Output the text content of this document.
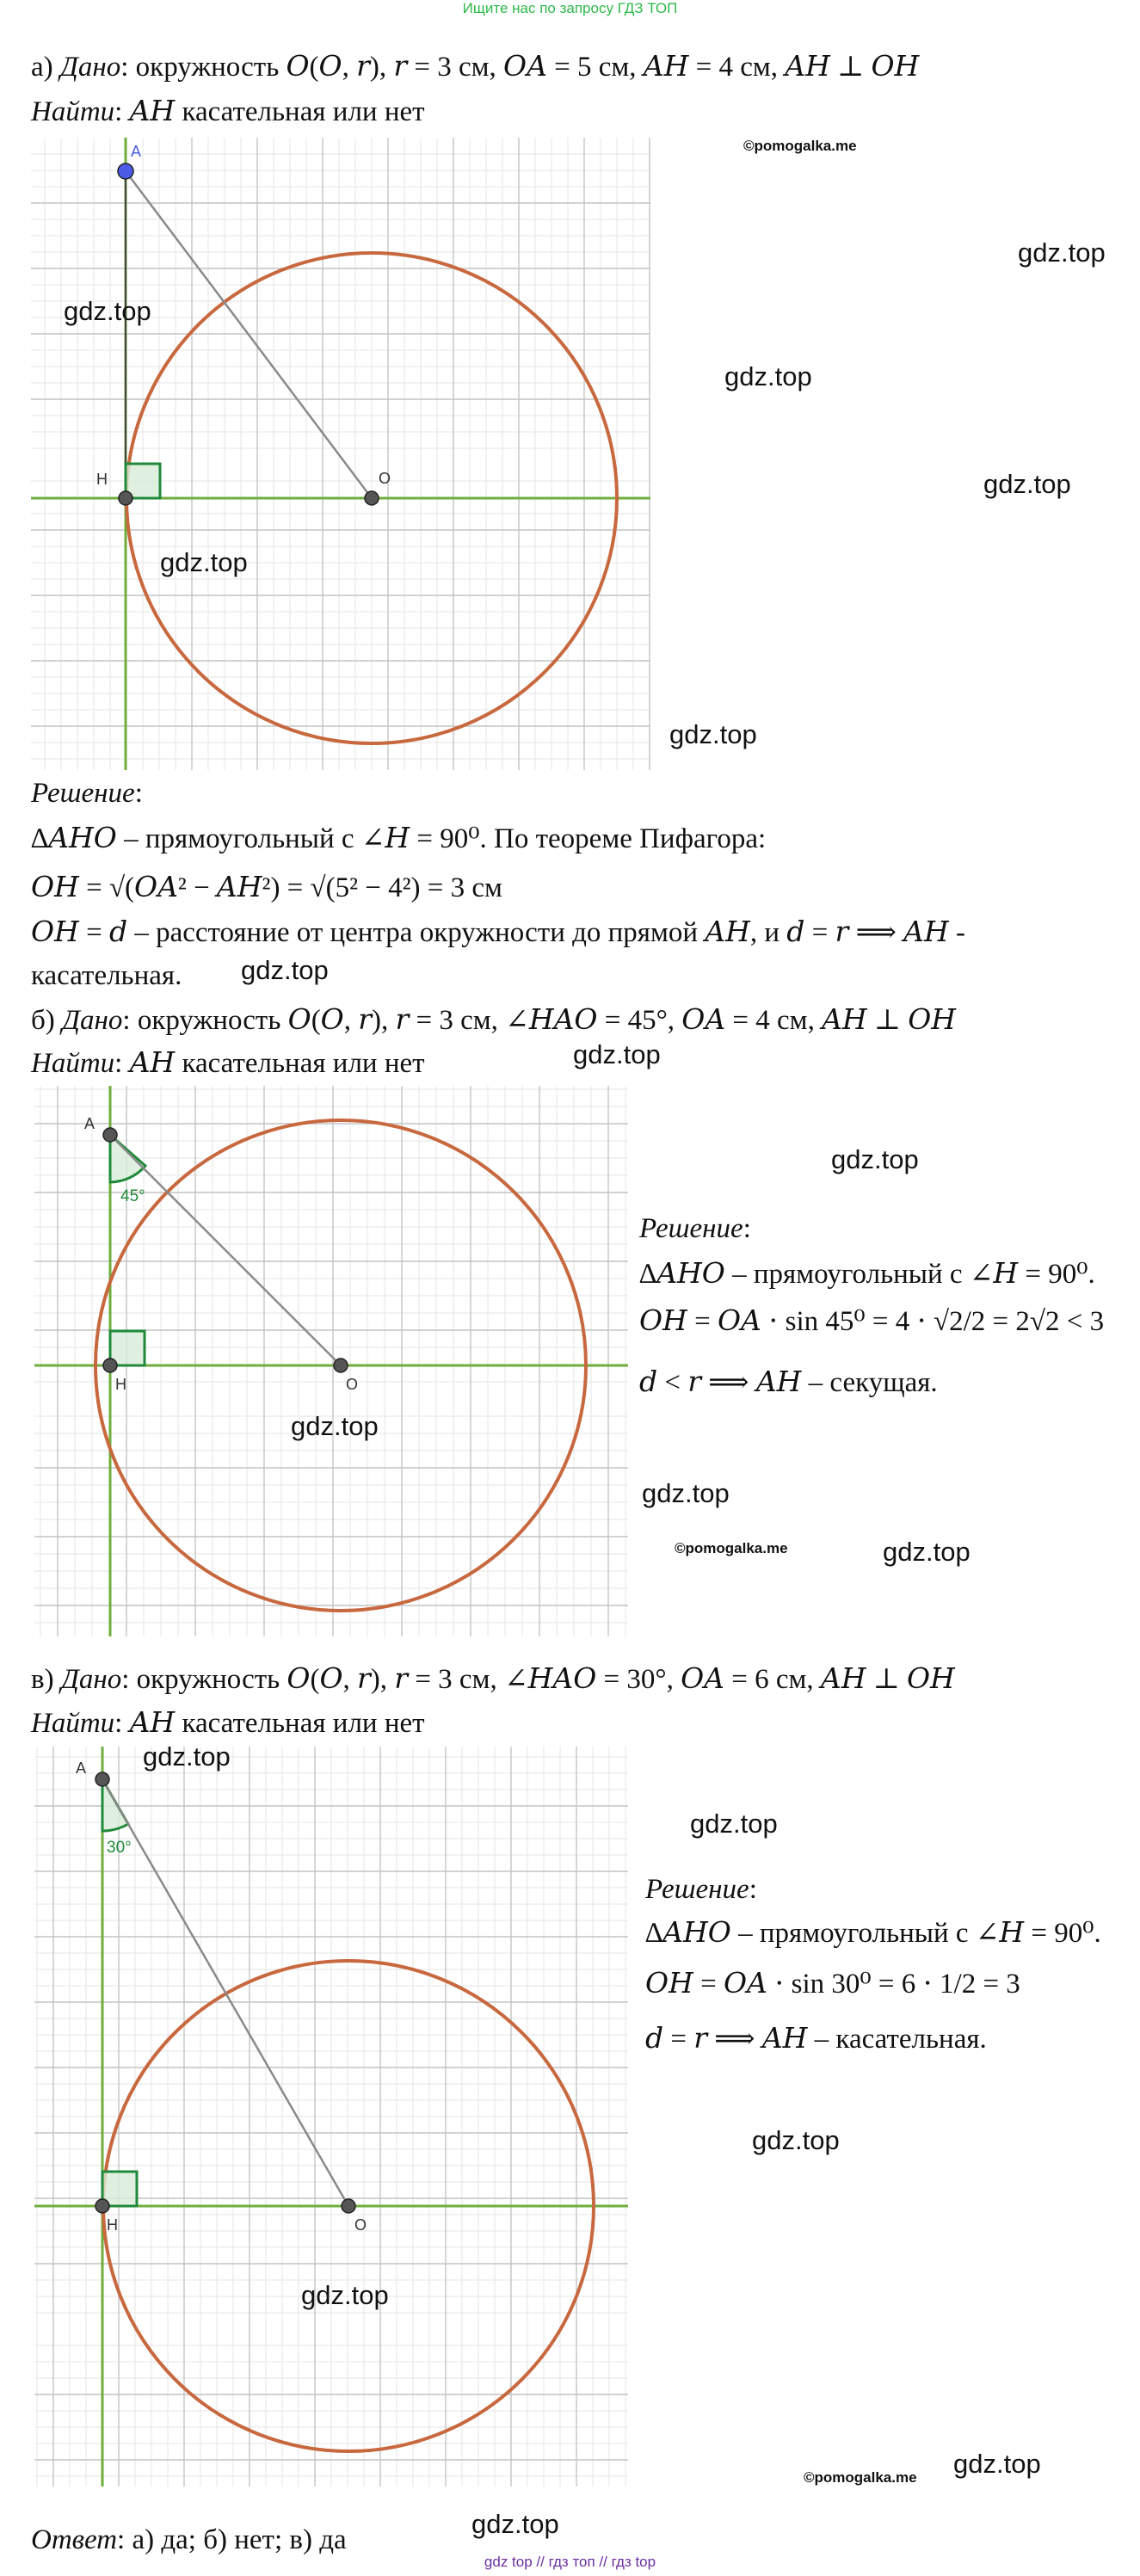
Ищите нас по запросу ГДЗ ТОП
а) Дано: окружность 𝑂(𝑂, 𝑟), 𝑟 = 3 см, 𝑂𝐴 = 5 см, 𝐴𝐻 = 4 см, 𝐴𝐻 ⊥ 𝑂𝐻
Найти: 𝐴𝐻 касательная или нет
A
H	O
Решение:
∆𝐴𝐻𝑂 – прямоугольный с ∠𝐻 = 90⁰. По теореме Пифагора:
𝑂𝐻 = √(𝑂𝐴² − 𝐴𝐻²) = √(5² − 4²) = 3 см
𝑂𝐻 = 𝑑 – расстояние от центра окружности до прямой 𝐴𝐻, и 𝑑 = 𝑟 ⟹ 𝐴𝐻 -
касательная.
б) Дано: окружность 𝑂(𝑂, 𝑟), 𝑟 = 3 см, ∠𝐻𝐴𝑂 = 45°, 𝑂𝐴 = 4 см, 𝐴𝐻 ⊥ 𝑂𝐻
Найти: 𝐴𝐻 касательная или нет
A
H	O
45°
Решение:
∆𝐴𝐻𝑂 – прямоугольный с ∠𝐻 = 90⁰.
𝑂𝐻 = 𝑂𝐴 ⋅ sin 45⁰ = 4 ⋅ √2/2 = 2√2 < 3
𝑑 < 𝑟 ⟹ 𝐴𝐻 – секущая.
в) Дано: окружность 𝑂(𝑂, 𝑟), 𝑟 = 3 см, ∠𝐻𝐴𝑂 = 30°, 𝑂𝐴 = 6 см, 𝐴𝐻 ⊥ 𝑂𝐻
Найти: 𝐴𝐻 касательная или нет
A
H	O
30°
Решение:
∆𝐴𝐻𝑂 – прямоугольный с ∠𝐻 = 90⁰.
𝑂𝐻 = 𝑂𝐴 ⋅ sin 30⁰ = 6 ⋅ 1/2 = 3
𝑑 = 𝑟 ⟹ 𝐴𝐻 – касательная.
Ответ: а) да; б) нет; в) да
gdz.top
gdz.top
gdz.top
gdz.top
gdz.top
gdz.top
gdz.top
gdz.top
gdz.top
gdz.top
gdz.top
gdz.top
gdz.top
gdz.top
gdz.top
gdz.top
gdz.top
gdz.top
©pomogalka.me
©pomogalka.me
©pomogalka.me
gdz top // гдз топ // гдз top
